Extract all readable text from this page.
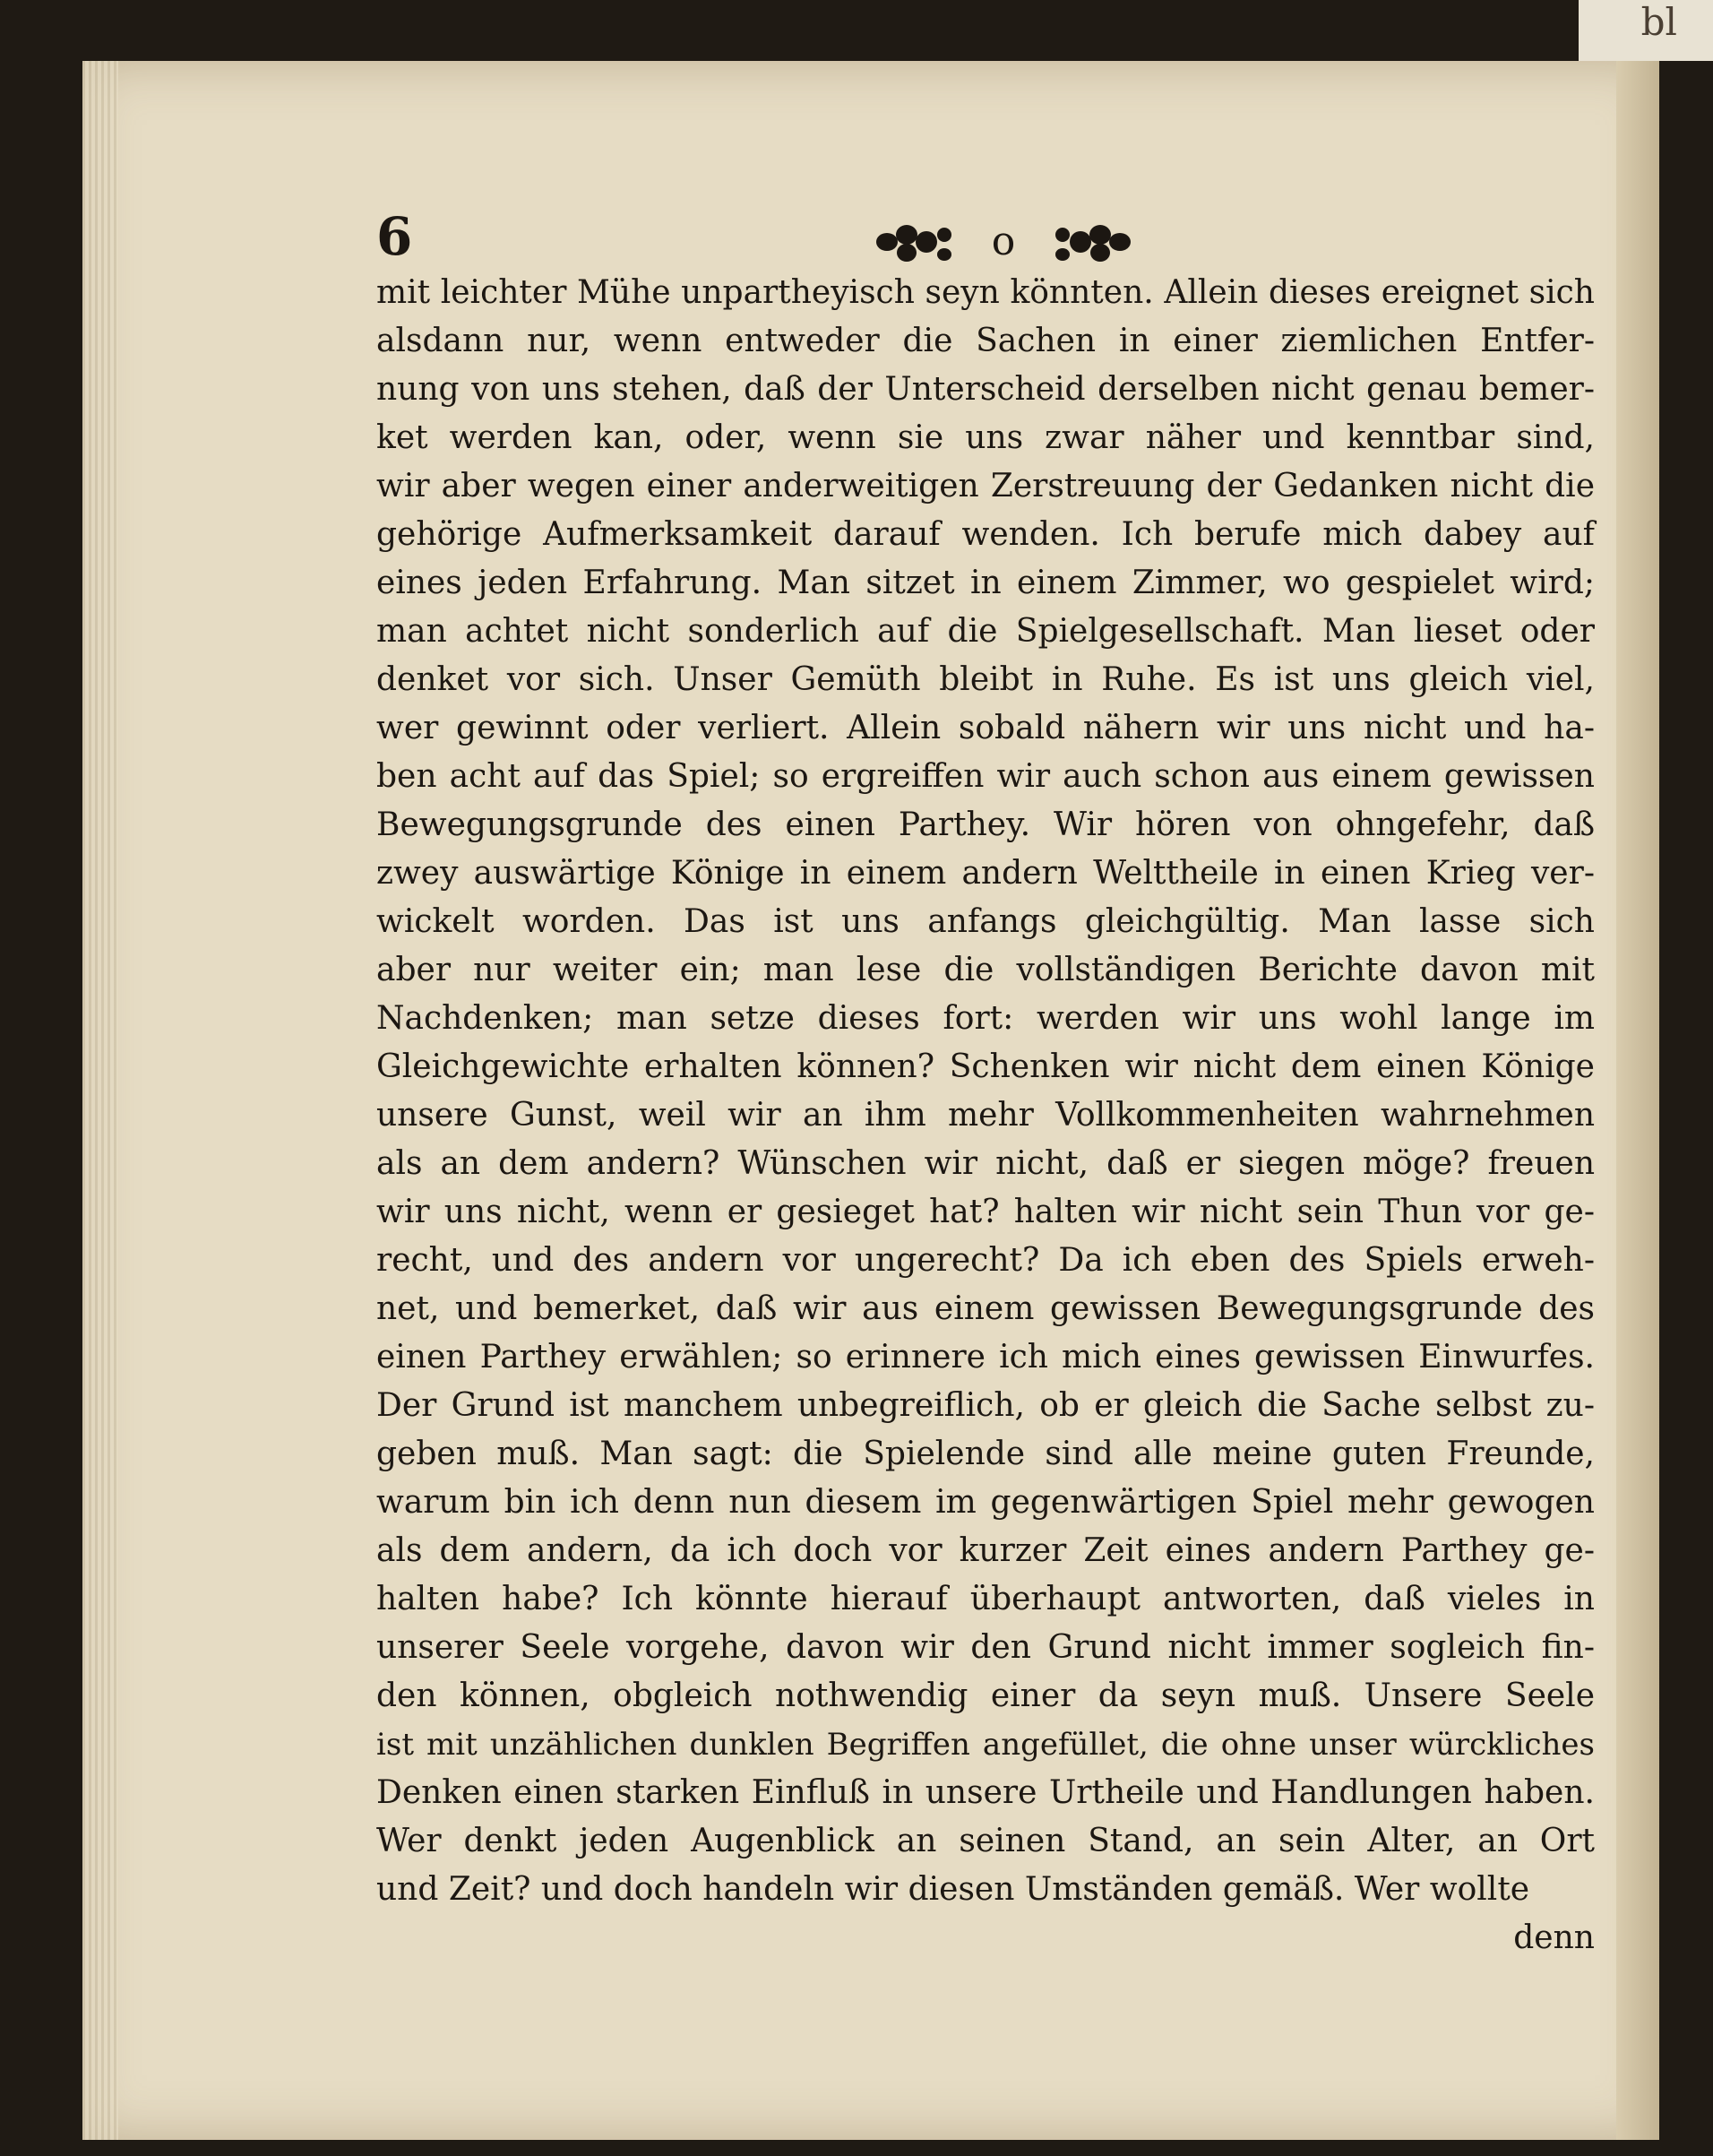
bl
6	o
mit leichter Mühe unpartheyisch seyn könnten. Allein dieses ereignet sich
alsdann nur, wenn entweder die Sachen in einer ziemlichen Entfer-
nung von uns stehen, daß der Unterscheid derselben nicht genau bemer-
ket werden kan, oder, wenn sie uns zwar näher und kenntbar sind,
wir aber wegen einer anderweitigen Zerstreuung der Gedanken nicht die
gehörige Aufmerksamkeit darauf wenden. Ich berufe mich dabey auf
eines jeden Erfahrung. Man sitzet in einem Zimmer, wo gespielet wird;
man achtet nicht sonderlich auf die Spielgesellschaft. Man lieset oder
denket vor sich. Unser Gemüth bleibt in Ruhe. Es ist uns gleich viel,
wer gewinnt oder verliert. Allein sobald nähern wir uns nicht und ha-
ben acht auf das Spiel; so ergreiffen wir auch schon aus einem gewissen
Bewegungsgrunde des einen Parthey. Wir hören von ohngefehr, daß
zwey auswärtige Könige in einem andern Welttheile in einen Krieg ver-
wickelt worden. Das ist uns anfangs gleichgültig. Man lasse sich
aber nur weiter ein; man lese die vollständigen Berichte davon mit
Nachdenken; man setze dieses fort: werden wir uns wohl lange im
Gleichgewichte erhalten können? Schenken wir nicht dem einen Könige
unsere Gunst, weil wir an ihm mehr Vollkommenheiten wahrnehmen
als an dem andern? Wünschen wir nicht, daß er siegen möge? freuen
wir uns nicht, wenn er gesieget hat? halten wir nicht sein Thun vor ge-
recht, und des andern vor ungerecht? Da ich eben des Spiels erweh-
net, und bemerket, daß wir aus einem gewissen Bewegungsgrunde des
einen Parthey erwählen; so erinnere ich mich eines gewissen Einwurfes.
Der Grund ist manchem unbegreiflich, ob er gleich die Sache selbst zu-
geben muß. Man sagt: die Spielende sind alle meine guten Freunde,
warum bin ich denn nun diesem im gegenwärtigen Spiel mehr gewogen
als dem andern, da ich doch vor kurzer Zeit eines andern Parthey ge-
halten habe? Ich könnte hierauf überhaupt antworten, daß vieles in
unserer Seele vorgehe, davon wir den Grund nicht immer sogleich fin-
den können, obgleich nothwendig einer da seyn muß. Unsere Seele
ist mit unzählichen dunklen Begriffen angefüllet, die ohne unser würckliches
Denken einen starken Einfluß in unsere Urtheile und Handlungen haben.
Wer denkt jeden Augenblick an seinen Stand, an sein Alter, an Ort
und Zeit? und doch handeln wir diesen Umständen gemäß. Wer wollte
denn
